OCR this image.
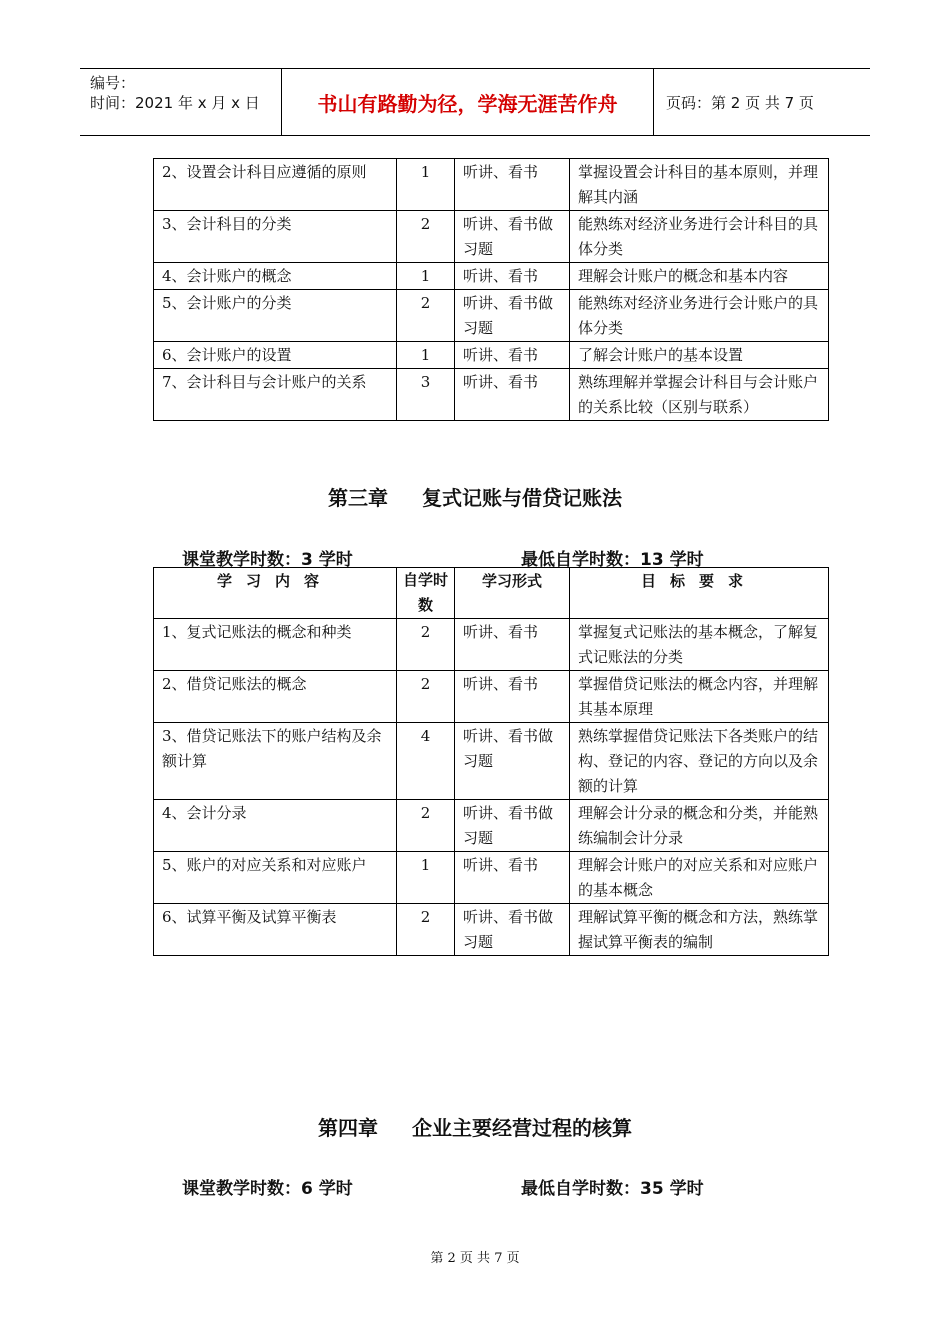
编号：
时间：2021 年 x 月 x 日	书山有路勤为径，学海无涯苦作舟	页码：第 2 页 共 7 页
2、设置会计科目应遵循的原则	1	听讲、看书	掌握设置会计科目的基本原则，并理解其内涵
3、会计科目的分类	2	听讲、看书做习题	能熟练对经济业务进行会计科目的具体分类
4、会计账户的概念	1	听讲、看书	理解会计账户的概念和基本内容
5、会计账户的分类	2	听讲、看书做习题	能熟练对经济业务进行会计账户的具体分类
6、会计账户的设置	1	听讲、看书	了解会计账户的基本设置
7、会计科目与会计账户的关系	3	听讲、看书	熟练理解并掌握会计科目与会计账户的关系比较（区别与联系）
第三章 复式记账与借贷记账法
课堂教学时数：3 学时	最低自学时数：13 学时
学习内容	自学时数	学习形式	目标要求
1、复式记账法的概念和种类	2	听讲、看书	掌握复式记账法的基本概念，了解复式记账法的分类
2、借贷记账法的概念	2	听讲、看书	掌握借贷记账法的概念内容，并理解其基本原理
3、借贷记账法下的账户结构及余额计算	4	听讲、看书做习题	熟练掌握借贷记账法下各类账户的结构、登记的内容、登记的方向以及余额的计算
4、会计分录	2	听讲、看书做习题	理解会计分录的概念和分类，并能熟练编制会计分录
5、账户的对应关系和对应账户	1	听讲、看书	理解会计账户的对应关系和对应账户的基本概念
6、试算平衡及试算平衡表	2	听讲、看书做习题	理解试算平衡的概念和方法，熟练掌握试算平衡表的编制
第四章 企业主要经营过程的核算
课堂教学时数：6 学时	最低自学时数：35 学时
第 2 页 共 7 页
